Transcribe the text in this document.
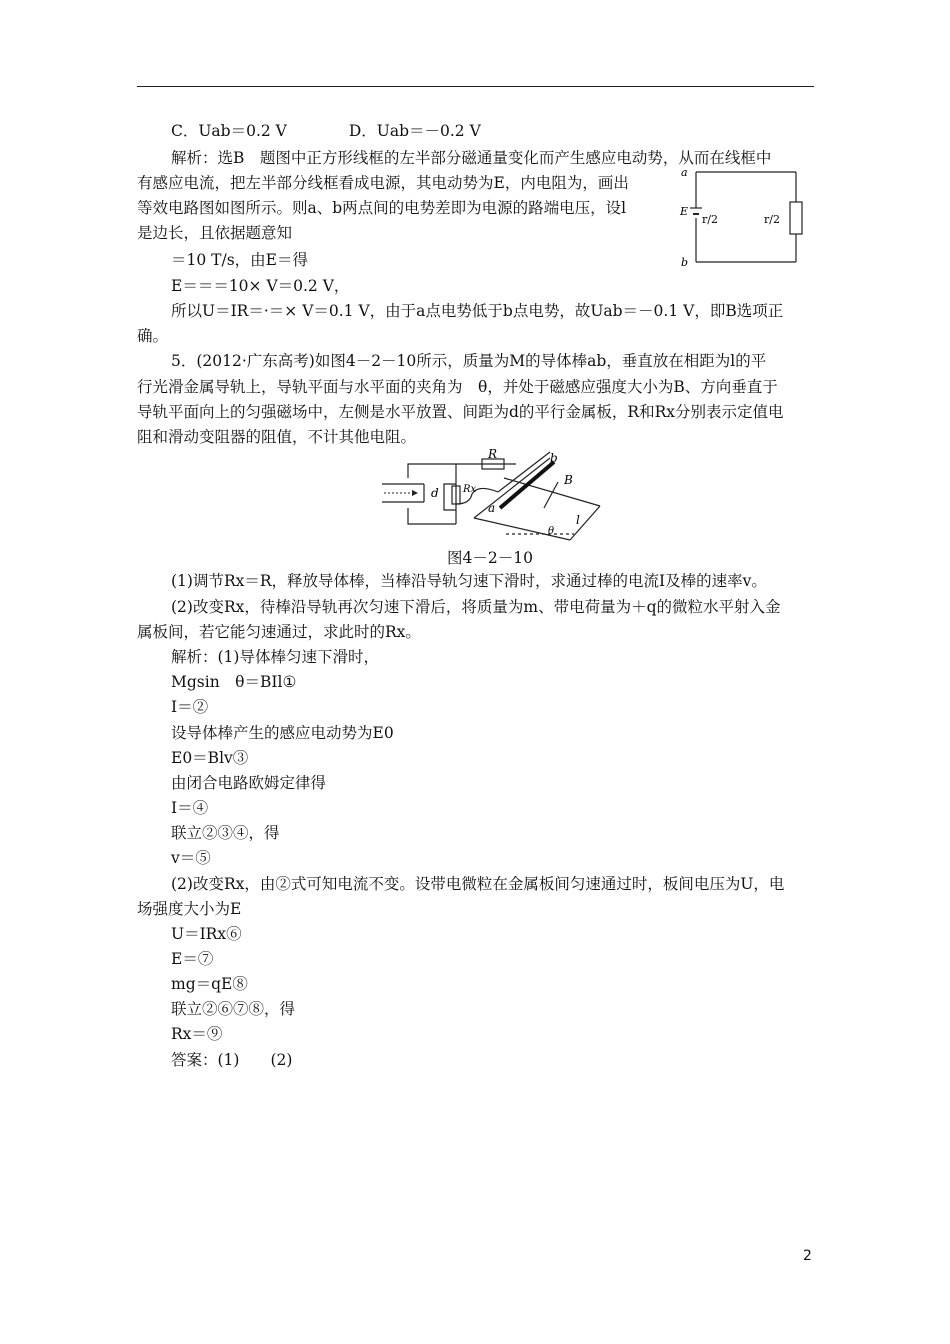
C．Uab＝0.2 V　　　　D．Uab＝－0.2 V
解析：选B　题图中正方形线框的左半部分磁通量变化而产生感应电动势，从而在线框中
有感应电流，把左半部分线框看成电源，其电动势为E，内电阻为，画出
等效电路图如图所示。则a、b两点间的电势差即为电源的路端电压，设l
是边长，且依据题意知
＝10 T/s，由E＝得
E＝＝＝10× V＝0.2 V，
所以U＝IR＝·＝× V＝0.1 V，由于a点电势低于b点电势，故Uab＝－0.1 V，即B选项正
确。
5．(2012·广东高考)如图4－2－10所示，质量为M的导体棒ab，垂直放在相距为l的平
行光滑金属导轨上，导轨平面与水平面的夹角为　θ，并处于磁感应强度大小为B、方向垂直于
导轨平面向上的匀强磁场中，左侧是水平放置、间距为d的平行金属板，R和Rx分别表示定值电
阻和滑动变阻器的阻值，不计其他电阻。
a
b
E
r/2	r/2
R
Rx
d
a
b
B
l
θ
图4－2－10
(1)调节Rx＝R，释放导体棒，当棒沿导轨匀速下滑时，求通过棒的电流I及棒的速率v。
(2)改变Rx，待棒沿导轨再次匀速下滑后，将质量为m、带电荷量为＋q的微粒水平射入金
属板间，若它能匀速通过，求此时的Rx。
解析：(1)导体棒匀速下滑时，
Mgsin　θ＝BIl①
I＝②
设导体棒产生的感应电动势为E0
E0＝Blv③
由闭合电路欧姆定律得
I＝④
联立②③④，得
v＝⑤
(2)改变Rx，由②式可知电流不变。设带电微粒在金属板间匀速通过时，板间电压为U，电
场强度大小为E
U＝IRx⑥
E＝⑦
mg＝qE⑧
联立②⑥⑦⑧，得
Rx＝⑨
答案：(1)　　(2)
2
